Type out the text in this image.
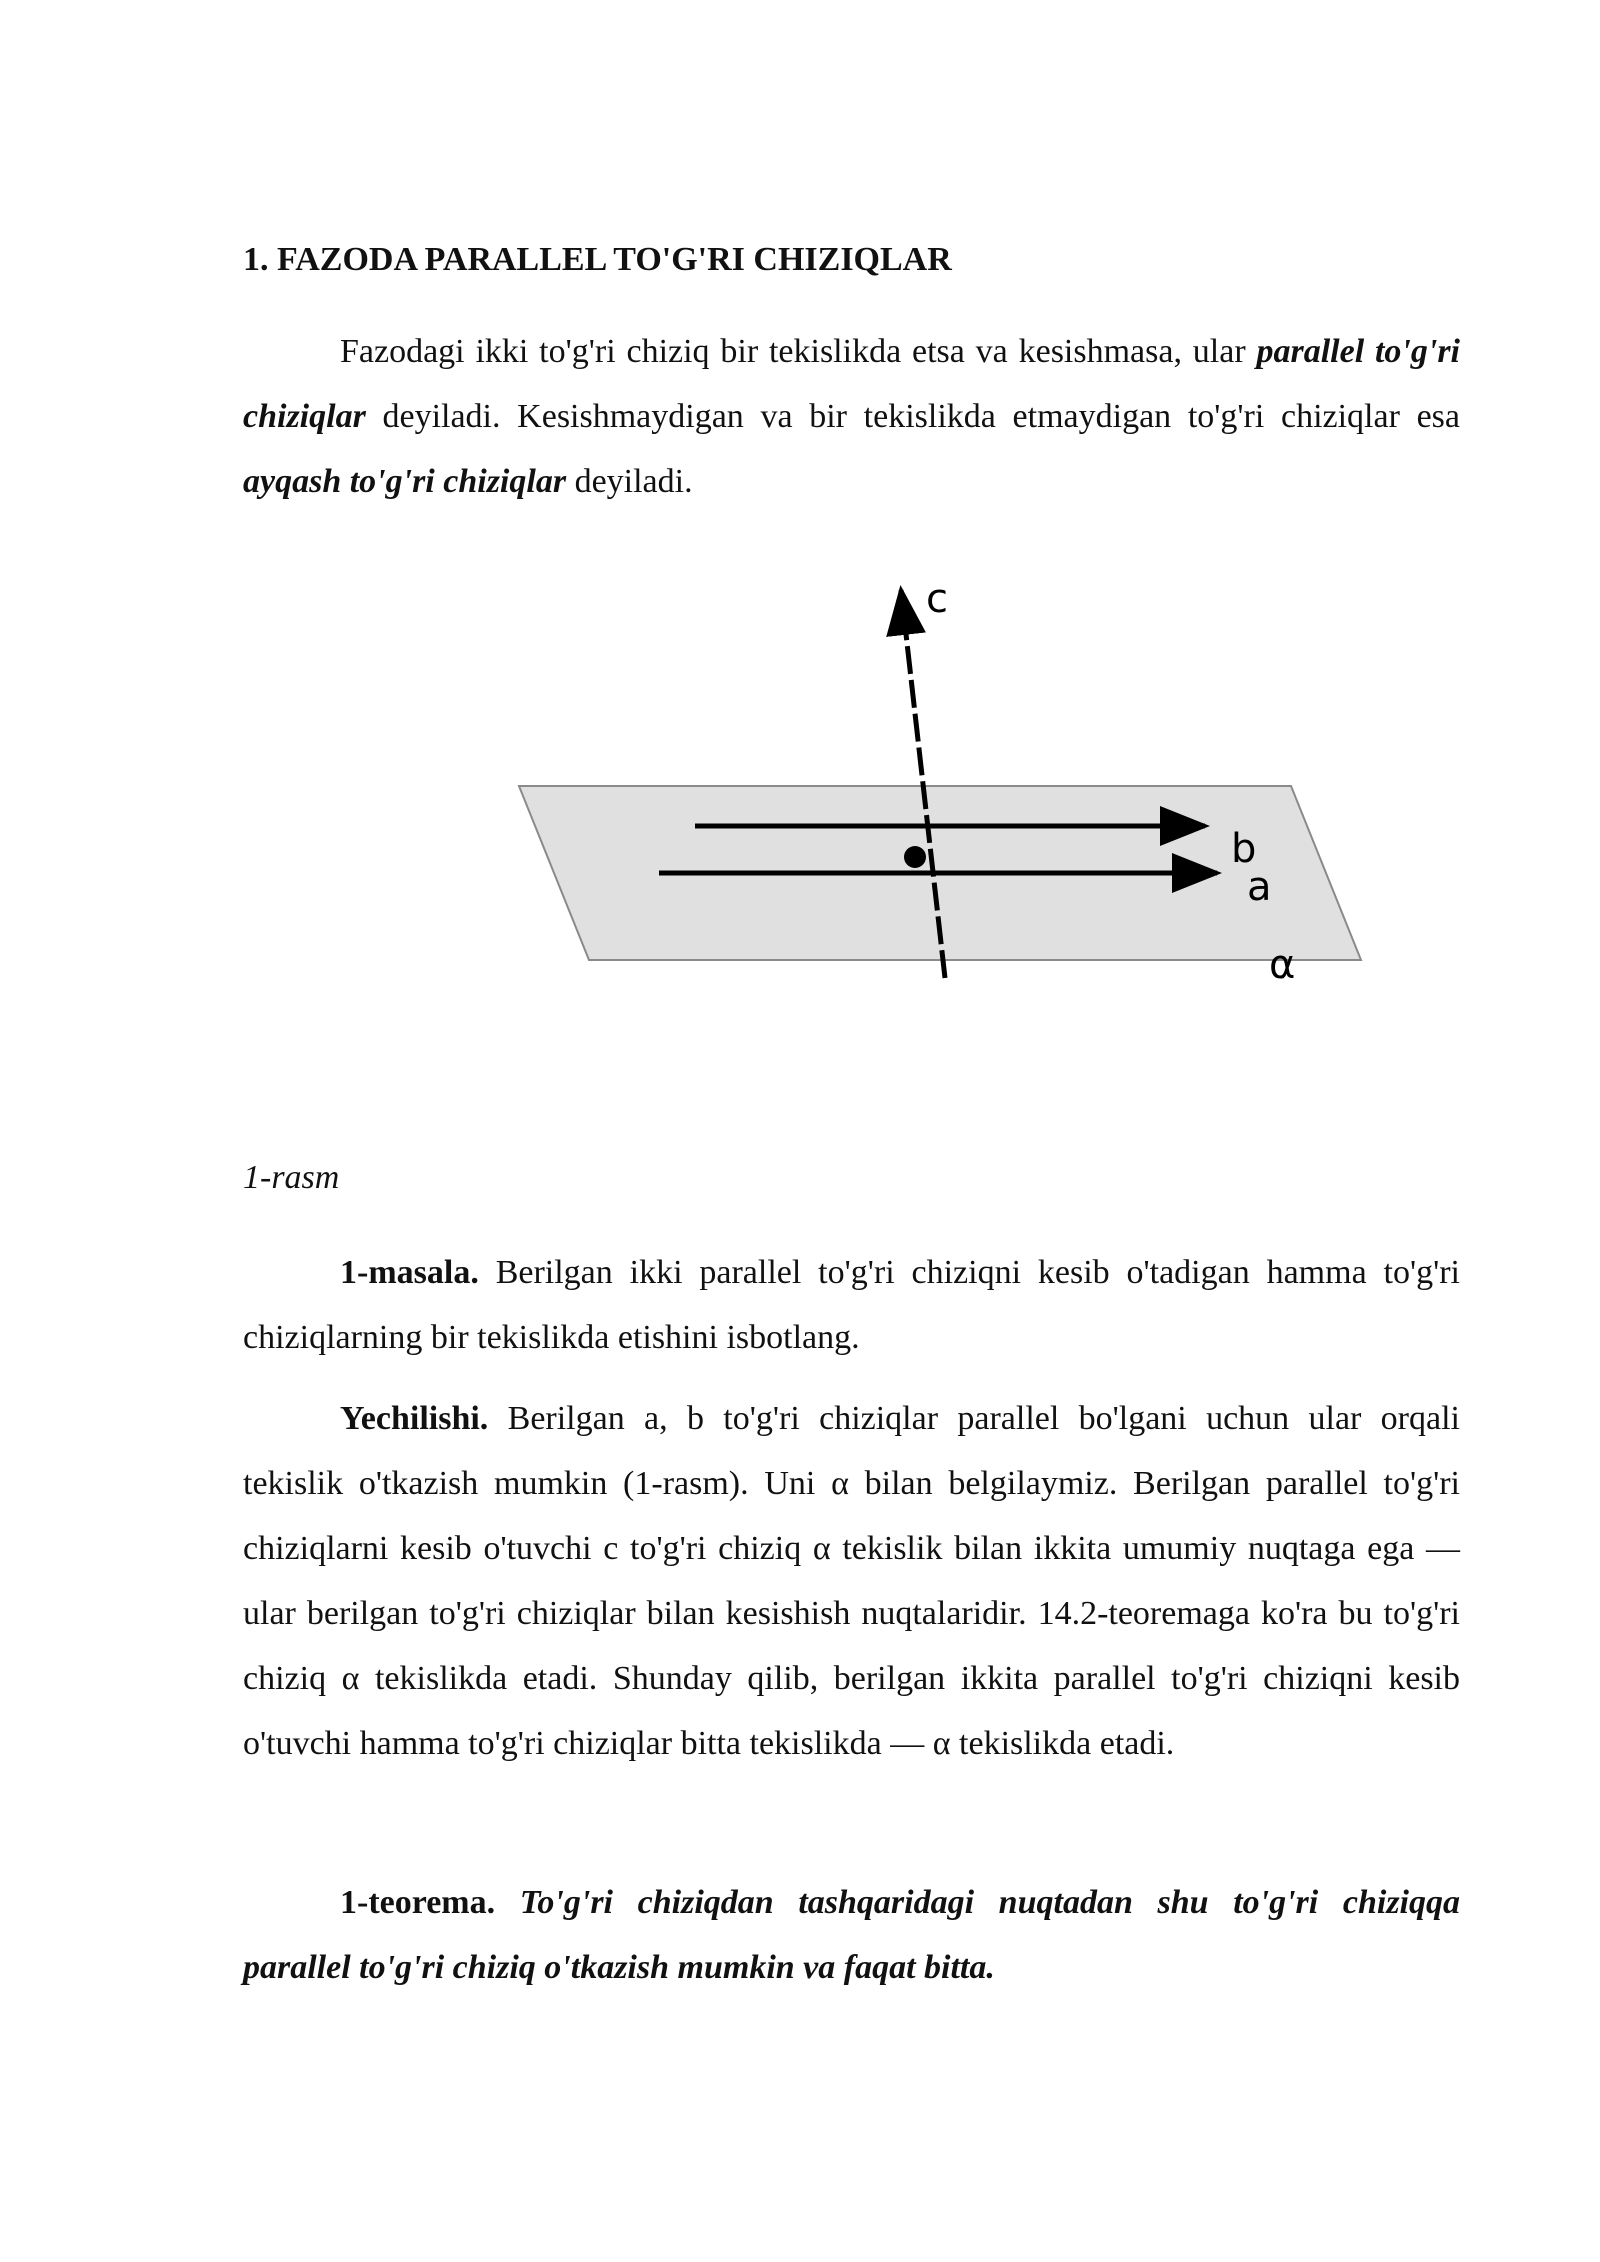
1. FAZODA PARALLEL TO'G'RI CHIZIQLAR

Fazodagi ikki to'g'ri chiziq bir tekislikda etsa va kesishmasa, ular parallel to'g'ri chiziqlar deyiladi. Kesishmaydigan va bir tekislikda etmaydigan to'g'ri chiziqlar esa ayqash to'g'ri chiziqlar deyiladi.

c
b
a
α

1-rasm

1-masala. Berilgan ikki parallel to'g'ri chiziqni kesib o'tadigan hamma to'g'ri chiziqlarning bir tekislikda etishini isbotlang.

Yechilishi. Berilgan a, b to'g'ri chiziqlar parallel bo'lgani uchun ular orqali tekislik o'tkazish mumkin (1-rasm). Uni α bilan belgilaymiz. Berilgan parallel to'g'ri chiziqlarni kesib o'tuvchi c to'g'ri chiziq α tekislik bilan ikkita umumiy nuqtaga ega — ular berilgan to'g'ri chiziqlar bilan kesishish nuqtalaridir. 14.2-teoremaga ko'ra bu to'g'ri chiziq α tekislikda etadi. Shunday qilib, berilgan ikkita parallel to'g'ri chiziqni kesib o'tuvchi hamma to'g'ri chiziqlar bitta tekislikda — α tekislikda etadi.

1-teorema. To'g'ri chiziqdan tashqaridagi nuqtadan shu to'g'ri chiziqqa parallel to'g'ri chiziq o'tkazish mumkin va faqat bitta.
